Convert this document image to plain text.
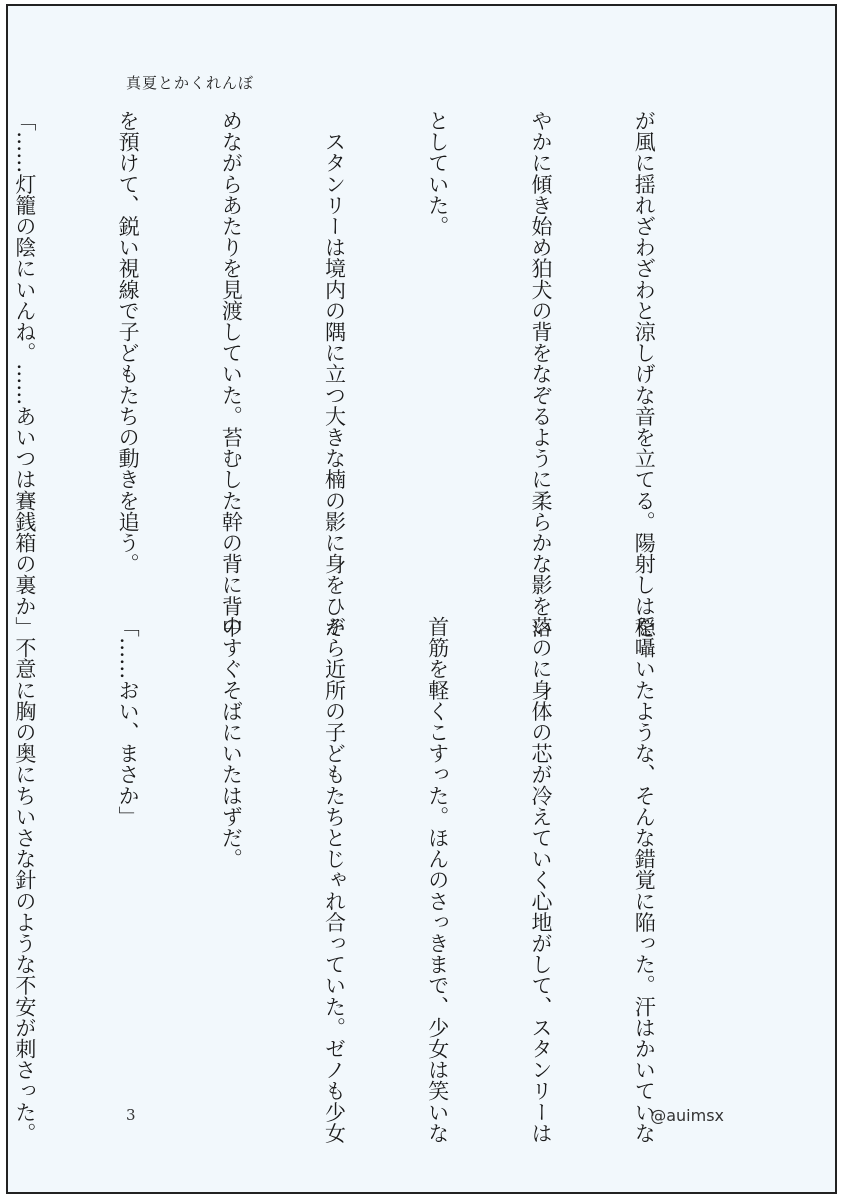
真夏とかくれんぼ

が風に揺れざわざわと涼しげな音を立てる。陽射しは穏

やかに傾き始め狛犬の背をなぞるように柔らかな影を落

としていた。

　スタンリーは境内の隅に立つ大きな楠の影に身をひそ

めながらあたりを見渡していた。苔むした幹の背に背中

を預けて、鋭い視線で子どもたちの動きを追う。

「……灯籠の陰にいんね。……あいつは賽銭箱の裏か」

を囁いたような、そんな錯覚に陥った。汗はかいていな

いのに身体の芯が冷えていく心地がして、スタンリーは

首筋を軽くこすった。ほんのさっきまで、少女は笑いな

がら近所の子どもたちとじゃれ合っていた。ゼノも少女

のすぐそばにいたはずだ。

「……おい、まさか」

　不意に胸の奥にちいさな針のような不安が刺さった。

	3	@auimsx
